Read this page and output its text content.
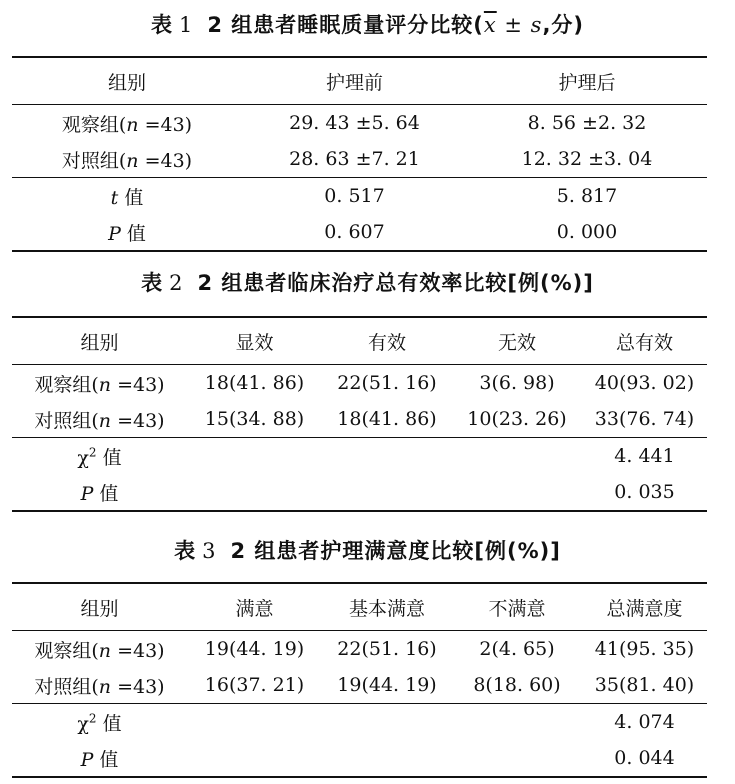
表 1 2 组患者睡眠质量评分比较($\overline{x} \pm s$,分)
组别	护理前	护理后
观察组(n =43)	29. 43 ±5. 64	8. 56 ±2. 32
对照组(n =43)	28. 63 ±7. 21	12. 32 ±3. 04
t 值	0. 517	5. 817
P 值	0. 607	0. 000
表 2 2 组患者临床治疗总有效率比较[例(%)]
组别	显效	有效	无效	总有效
观察组(n =43)	18(41. 86)	22(51. 16)	3(6. 98)	40(93. 02)
对照组(n =43)	15(34. 88)	18(41. 86)	10(23. 26)	33(76. 74)
$\chi^2$ 值				4. 441
P 值				0. 035
表 3 2 组患者护理满意度比较[例(%)]
组别	满意	基本满意	不满意	总满意度
观察组(n =43)	19(44. 19)	22(51. 16)	2(4. 65)	41(95. 35)
对照组(n =43)	16(37. 21)	19(44. 19)	8(18. 60)	35(81. 40)
$\chi^2$ 值				4. 074
P 值				0. 044
